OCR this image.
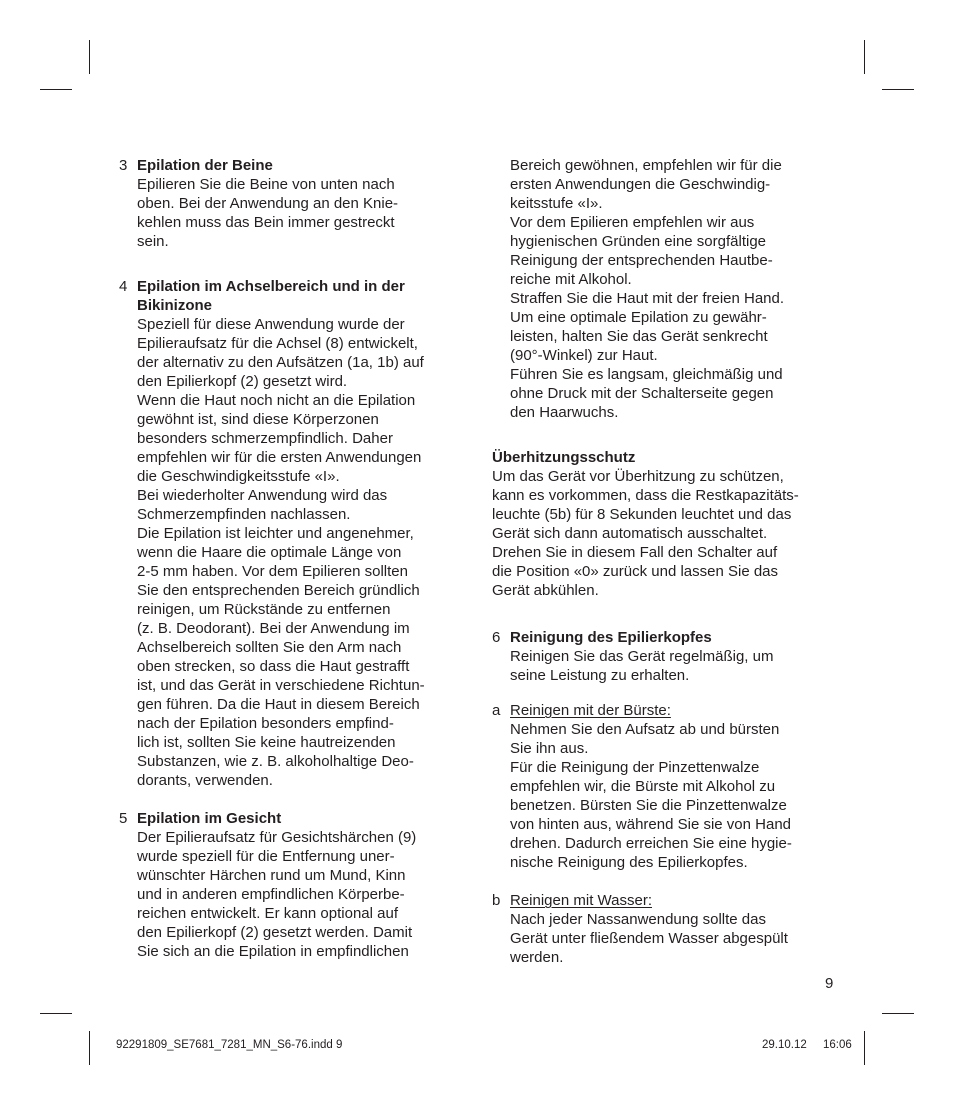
3 Epilation der Beine

Epilieren Sie die Beine von unten nach

oben. Bei der Anwendung an den Knie-

kehlen muss das Bein immer gestreckt

sein.

4 Epilation im Achselbereich und in der

Bikinizone

Speziell für diese Anwendung wurde der

Epilieraufsatz für die Achsel (8) entwickelt,

der alternativ zu den Aufsätzen (1a, 1b) auf

den Epilierkopf (2) gesetzt wird.

Wenn die Haut noch nicht an die Epilation

gewöhnt ist, sind diese Körperzonen

besonders schmerzempfindlich. Daher

empfehlen wir für die ersten Anwendungen

die Geschwindigkeitsstufe «I».

Bei wiederholter Anwendung wird das

Schmerzempfinden nachlassen.

Die Epilation ist leichter und angenehmer,

wenn die Haare die optimale Länge von

2-5 mm haben. Vor dem Epilieren sollten

Sie den entsprechenden Bereich gründlich

reinigen, um Rückstände zu entfernen

(z. B. Deodorant). Bei der Anwendung im

Achselbereich sollten Sie den Arm nach

oben strecken, so dass die Haut gestrafft

ist, und das Gerät in verschiedene Richtun-

gen führen. Da die Haut in diesem Bereich

nach der Epilation besonders empfind-

lich ist, sollten Sie keine hautreizenden

Substanzen, wie z. B. alkoholhaltige Deo-

dorants, verwenden.

5 Epilation im Gesicht

Der Epilieraufsatz für Gesichtshärchen (9)

wurde speziell für die Entfernung uner-

wünschter Härchen rund um Mund, Kinn

und in anderen empfindlichen Körperbe-

reichen entwickelt. Er kann optional auf

den Epilierkopf (2) gesetzt werden. Damit

Sie sich an die Epilation in empfindlichen

Bereich gewöhnen, empfehlen wir für die

ersten Anwendungen die Geschwindig-

keitsstufe «I».

Vor dem Epilieren empfehlen wir aus

hygienischen Gründen eine sorgfältige

Reinigung der entsprechenden Hautbe-

reiche mit Alkohol.

Straffen Sie die Haut mit der freien Hand.

Um eine optimale Epilation zu gewähr-

leisten, halten Sie das Gerät senkrecht

(90°-Winkel) zur Haut.

Führen Sie es langsam, gleichmäßig und

ohne Druck mit der Schalterseite gegen

den Haarwuchs.

Überhitzungsschutz

Um das Gerät vor Überhitzung zu schützen,

kann es vorkommen, dass die Restkapazitäts-

leuchte (5b) für 8 Sekunden leuchtet und das

Gerät sich dann automatisch ausschaltet.

Drehen Sie in diesem Fall den Schalter auf

die Position «0» zurück und lassen Sie das

Gerät abkühlen.

6 Reinigung des Epilierkopfes

Reinigen Sie das Gerät regelmäßig, um

seine Leistung zu erhalten.

a Reinigen mit der Bürste:

Nehmen Sie den Aufsatz ab und bürsten

Sie ihn aus.

Für die Reinigung der Pinzettenwalze

empfehlen wir, die Bürste mit Alkohol zu

benetzen. Bürsten Sie die Pinzettenwalze

von hinten aus, während Sie sie von Hand

drehen. Dadurch erreichen Sie eine hygie-

nische Reinigung des Epilierkopfes.

b Reinigen mit Wasser:

Nach jeder Nassanwendung sollte das

Gerät unter fließendem Wasser abgespült

werden.

9
92291809_SE7681_7281_MN_S6-76.indd 9	29.10.12 16:06
